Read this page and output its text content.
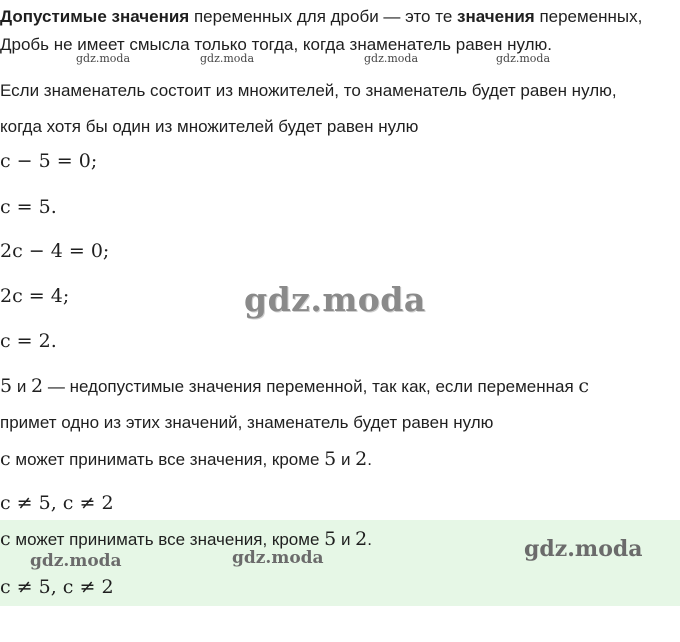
Допустимые значения переменных для дроби — это те значения переменных,
Дробь не имеет смысла только тогда, когда знаменатель равен нулю.
gdz.moda	gdz.moda	gdz.moda	gdz.moda
Если знаменатель состоит из множителей, то знаменатель будет равен нулю,
когда хотя бы один из множителей будет равен нулю
c − 5 = 0;
c = 5.
2c − 4 = 0;
2c = 4;
c = 2.
gdz.moda
5 и 2 — недопустимые значения переменной, так как, если переменная c
примет одно из этих значений, знаменатель будет равен нулю
c может принимать все значения, кроме 5 и 2.
c ≠ 5, c ≠ 2
c может принимать все значения, кроме 5 и 2.
c ≠ 5, c ≠ 2
gdz.moda	gdz.moda	gdz.moda
